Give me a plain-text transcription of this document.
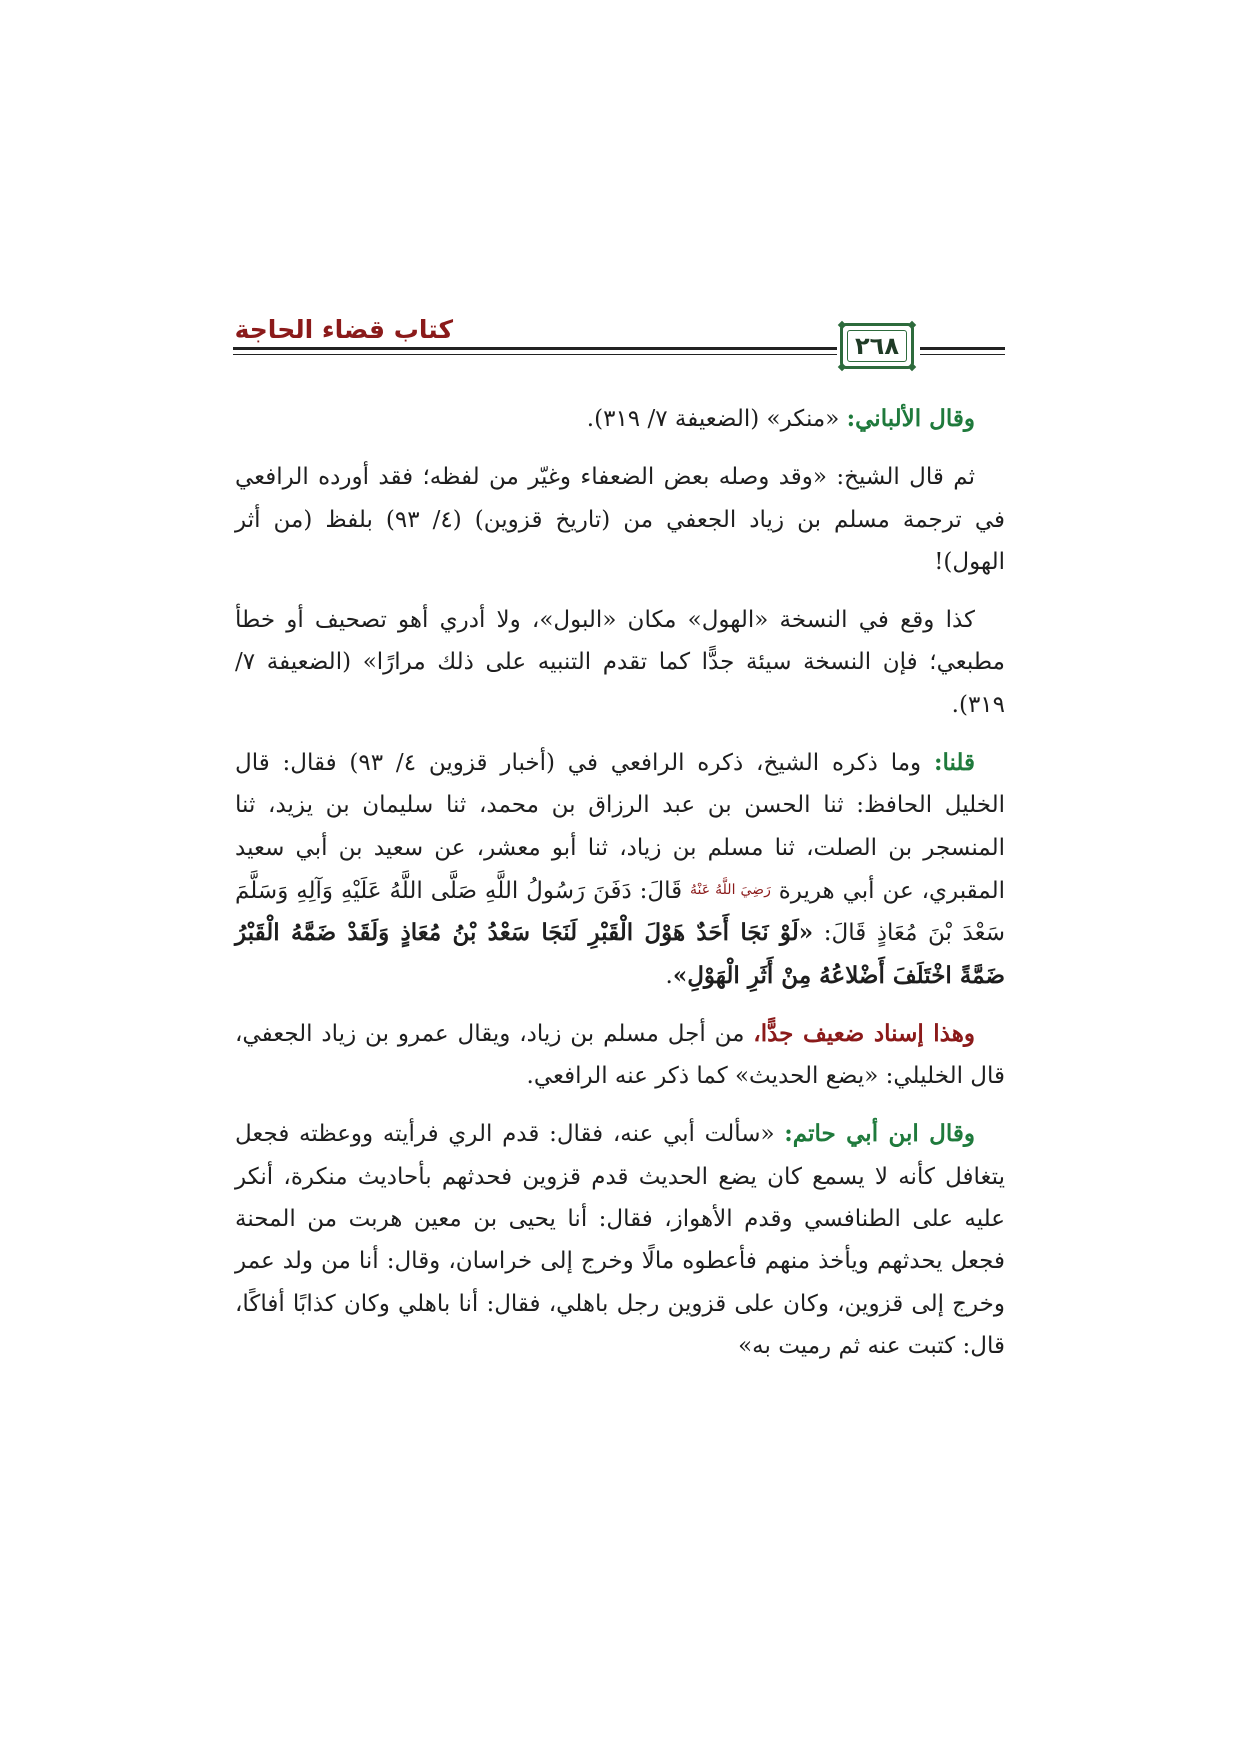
كتاب قضاء الحاجة
٢٦٨

وقال الألباني: «منكر» (الضعيفة ٧/ ٣١٩).

ثم قال الشيخ: «وقد وصله بعض الضعفاء وغيّر من لفظه؛ فقد أورده الرافعي في ترجمة مسلم بن زياد الجعفي من (تاريخ قزوين) (٤/ ٩٣) بلفظ (من أثر الهول)!

كذا وقع في النسخة «الهول» مكان «البول»، ولا أدري أهو تصحيف أو خطأ مطبعي؛ فإن النسخة سيئة جدًّا كما تقدم التنبيه على ذلك مرارًا» (الضعيفة ٧/ ٣١٩).

قلنا: وما ذكره الشيخ، ذكره الرافعي في (أخبار قزوين ٤/ ٩٣) فقال: قال الخليل الحافظ: ثنا الحسن بن عبد الرزاق بن محمد، ثنا سليمان بن يزيد، ثنا المنسجر بن الصلت، ثنا مسلم بن زياد، ثنا أبو معشر، عن سعيد بن أبي سعيد المقبري، عن أبي هريرة رَضِيَ اللَّهُ عَنْهُ قَالَ: دَفَنَ رَسُولُ اللَّهِ صَلَّى اللَّهُ عَلَيْهِ وَآلِهِ وَسَلَّمَ سَعْدَ بْنَ مُعَاذٍ قَالَ: «لَوْ نَجَا أَحَدٌ هَوْلَ الْقَبْرِ لَنَجَا سَعْدُ بْنُ مُعَاذٍ وَلَقَدْ ضَمَّهُ الْقَبْرُ ضَمَّةً اخْتَلَفَ أَضْلاعُهُ مِنْ أَثَرِ الْهَوْلِ».

وهذا إسناد ضعيف جدًّا، من أجل مسلم بن زياد، ويقال عمرو بن زياد الجعفي، قال الخليلي: «يضع الحديث» كما ذكر عنه الرافعي.

وقال ابن أبي حاتم: «سألت أبي عنه، فقال: قدم الري فرأيته ووعظته فجعل يتغافل كأنه لا يسمع كان يضع الحديث قدم قزوين فحدثهم بأحاديث منكرة، أنكر عليه على الطنافسي وقدم الأهواز، فقال: أنا يحيى بن معين هربت من المحنة فجعل يحدثهم ويأخذ منهم فأعطوه مالًا وخرج إلى خراسان، وقال: أنا من ولد عمر وخرج إلى قزوين، وكان على قزوين رجل باهلي، فقال: أنا باهلي وكان كذابًا أفاكًا، قال: كتبت عنه ثم رميت به»
